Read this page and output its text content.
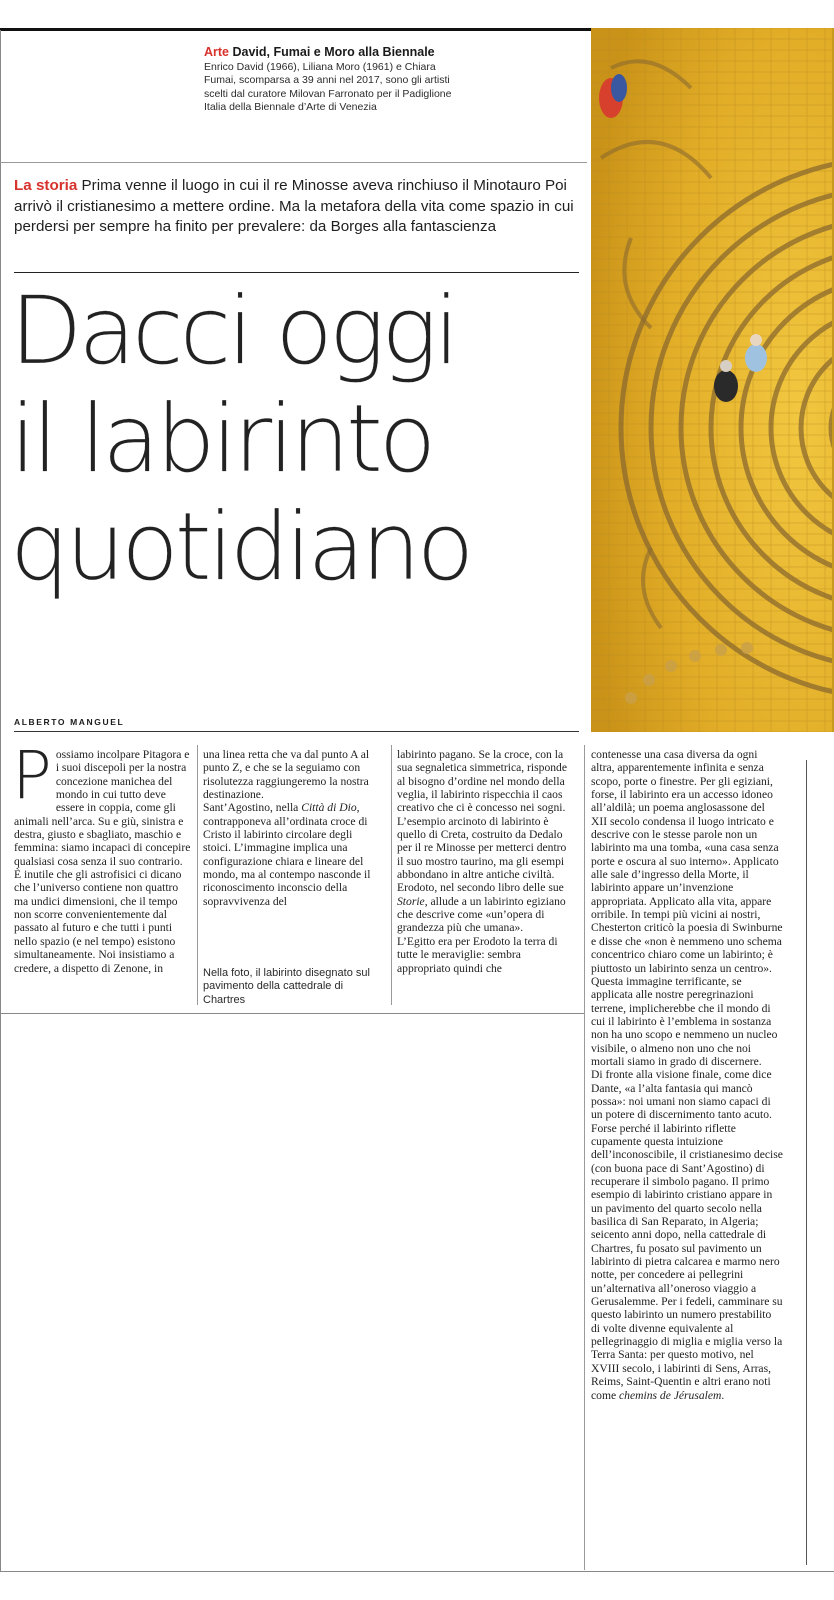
Arte David, Fumai e Moro alla Biennale
Enrico David (1966), Liliana Moro (1961) e Chiara Fumai, scomparsa a 39 anni nel 2017, sono gli artisti scelti dal curatore Milovan Farronato per il Padiglione Italia della Biennale d’Arte di Venezia
La storia Prima venne il luogo in cui il re Minosse aveva rinchiuso il Minotauro Poi arrivò il cristianesimo a mettere ordine. Ma la metafora della vita come spazio in cui perdersi per sempre ha finito per prevalere: da Borges alla fantascienza
Dacci oggi
il labirinto
quotidiano
ALBERTO MANGUEL
Possiamo incolpare Pitagora e i suoi discepoli per la nostra concezione manichea del mondo in cui tutto deve essere in coppia, come gli animali nell’arca. Su e giù, sinistra e destra, giusto e sbagliato, maschio e femmina: siamo incapaci di concepire qualsiasi cosa senza il suo contrario. È inutile che gli astrofisici ci dicano che l’universo contiene non quattro ma undici dimensioni, che il tempo non scorre convenientemente dal passato al futuro e che tutti i punti nello spazio (e nel tempo) esistono simultaneamente. Noi insistiamo a credere, a dispetto di Zenone, in

una linea retta che va dal punto A al punto Z, e che se la seguiamo con risolutezza raggiungeremo la nostra destinazione.

Sant’Agostino, nella Città di Dio, contrapponeva all’ordinata croce di Cristo il labirinto circolare degli stoici. L’immagine implica una configurazione chiara e lineare del mondo, ma al contempo nasconde il riconoscimento inconscio della sopravvivenza del

Nella foto, il labirinto disegnato sul pavimento della cattedrale di Chartres

labirinto pagano. Se la croce, con la sua segnaletica simmetrica, risponde al bisogno d’ordine nel mondo della veglia, il labirinto rispecchia il caos creativo che ci è concesso nei sogni.

L’esempio arcinoto di labirinto è quello di Creta, costruito da Dedalo per il re Minosse per metterci dentro il suo mostro taurino, ma gli esempi abbondano in altre antiche civiltà. Erodoto, nel secondo libro delle sue Storie, allude a un labirinto egiziano che descrive come «un’opera di grandezza più che umana».

L’Egitto era per Erodoto la terra di tutte le meraviglie: sembra appropriato quindi che

contenesse una casa diversa da ogni altra, apparentemente infinita e senza scopo, porte o finestre. Per gli egiziani, forse, il labirinto era un accesso idoneo all’aldilà; un poema anglosassone del XII secolo condensa il luogo intricato e descrive con le stesse parole non un labirinto ma una tomba, «una casa senza porte e oscura al suo interno». Applicato alle sale d’ingresso della Morte, il labirinto appare un’invenzione appropriata. Applicato alla vita, appare orribile. In tempi più vicini ai nostri, Chesterton criticò la poesia di Swinburne e disse che «non è nemmeno uno schema concentrico chiaro come un labirinto; è piuttosto un labirinto senza un centro».

Questa immagine terrificante, se applicata alle nostre peregrinazioni terrene, implicherebbe che il mondo di cui il labirinto è l’emblema in sostanza non ha uno scopo e nemmeno un nucleo visibile, o almeno non uno che noi mortali siamo in grado di discernere.

Di fronte alla visione finale, come dice Dante, «a l’alta fantasia qui mancò possa»: noi umani non siamo capaci di un potere di discernimento tanto acuto.

Forse perché il labirinto riflette cupamente questa intuizione dell’inconoscibile, il cristianesimo decise (con buona pace di Sant’Agostino) di recuperare il simbolo pagano. Il primo esempio di labirinto cristiano appare in un pavimento del quarto secolo nella basilica di San Reparato, in Algeria; seicento anni dopo, nella cattedrale di Chartres, fu posato sul pavimento un labirinto di pietra calcarea e marmo nero notte, per concedere ai pellegrini un’alternativa all’oneroso viaggio a Gerusalemme. Per i fedeli, camminare su questo labirinto un numero prestabilito di volte divenne equivalente al pellegrinaggio di miglia e miglia verso la Terra Santa: per questo motivo, nel XVIII secolo, i labirinti di Sens, Arras, Reims, Saint-Quentin e altri erano noti come chemins de Jérusalem.
